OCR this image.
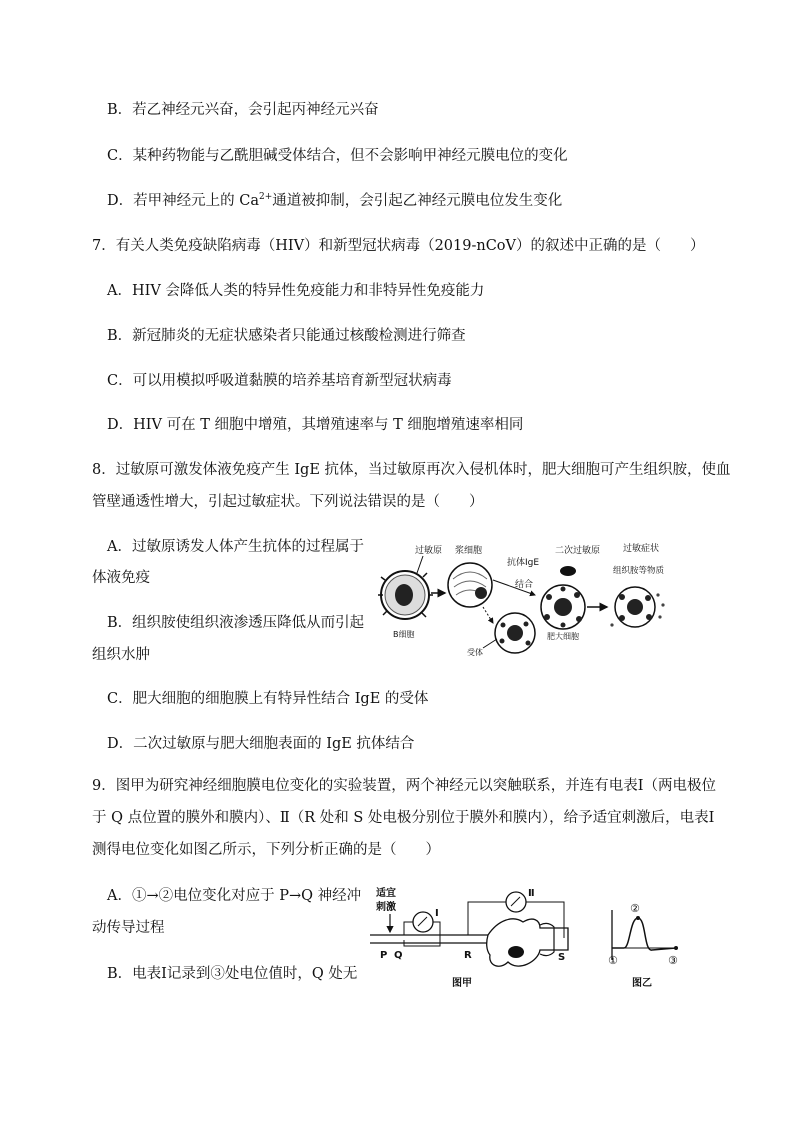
B．若乙神经元兴奋，会引起丙神经元兴奋
C．某种药物能与乙酰胆碱受体结合，但不会影响甲神经元膜电位的变化
D．若甲神经元上的 $Ca^{2+}$通道被抑制，会引起乙神经元膜电位发生变化
7．有关人类免疫缺陷病毒（HIV）和新型冠状病毒（2019-nCoV）的叙述中正确的是（　　）
A．HIV 会降低人类的特异性免疫能力和非特异性免疫能力
B．新冠肺炎的无症状感染者只能通过核酸检测进行筛查
C．可以用模拟呼吸道黏膜的培养基培育新型冠状病毒
D．HIV 可在 T 细胞中增殖，其增殖速率与 T 细胞增殖速率相同
8．过敏原可激发体液免疫产生 IgE 抗体，当过敏原再次入侵机体时，肥大细胞可产生组织胺，使血
管壁通透性增大，引起过敏症状。下列说法错误的是（　　）
A．过敏原诱发人体产生抗体的过程属于
体液免疫
B．组织胺使组织液渗透压降低从而引起
组织水肿
C．肥大细胞的细胞膜上有特异性结合 IgE 的受体
D．二次过敏原与肥大细胞表面的 IgE 抗体结合
过敏原
B细胞
浆细胞
抗体IgE
结合
二次过敏原
受体
肥大细胞
过敏症状
组织胺等物质
9．图甲为研究神经细胞膜电位变化的实验装置，两个神经元以突触联系，并连有电表Ⅰ（两电极位
于 Q 点位置的膜外和膜内）、Ⅱ（R 处和 S 处电极分别位于膜外和膜内），给予适宜刺激后，电表Ⅰ
测得电位变化如图乙所示，下列分析正确的是（　　）
A．①→②电位变化对应于 P→Q 神经冲
动传导过程
B．电表Ⅰ记录到③处电位值时，Q 处无
适宜
刺激
Ⅰ
Ⅱ
P Q	R	S
图甲
②
①	③
图乙
